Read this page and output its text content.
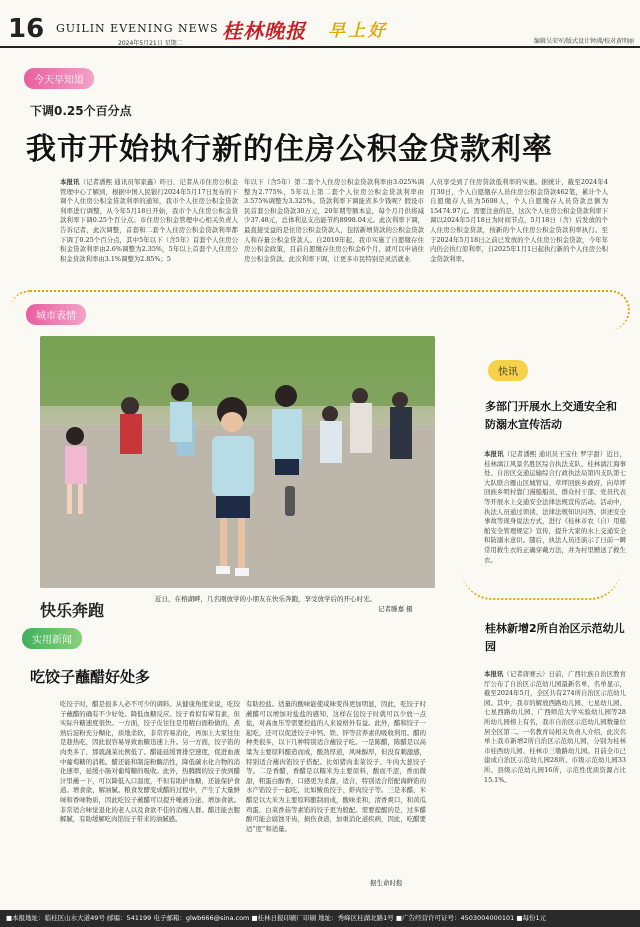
16 GUILIN EVENING NEWS
2024年5月21日 星期二
桂林晚报 早上好
编辑吴荣军/版式设计钟沸/校对黄明丽
今天早知道
下调0.25个百分点
我市开始执行新的住房公积金贷款利率
本报讯（记者潘熙 通讯员邹家鑫）昨日，记者从市住房公积金管理中心了解到，根据中国人民银行2024年5月17日发布的下调个人住房公积金贷款利率的通知，我市个人住房公积金贷款利率进行调整，从今年5月18日开始，我市个人住房公积金贷款利率下调0.25个百分点。市住房公积金管理中心相关负责人告诉记者，此次调整，首套和二套个人住房公积金贷款利率都下调了0.25个百分点，其中5年以下（含5年）首套个人住房公积金贷款利率由2.6%调整为2.35%，5年以上首套个人住房公积金贷款利率由3.1%调整为2.85%；5
年以下（含5年）第二套个人住房公积金贷款利率由3.025%调整为2.775%，5年以上第二套个人住房公积金贷款利率由3.575%调整为3.325%。贷款利率下调能省多少钱呢？假设市民首套公积金贷款30万元，20年期等额本息，每个月月供将减少37.48元，总体利息支出能节约8998.04元。此次利率下调，最直接受益的是住房公积金贷款人，包括新增贷款的公积金贷款人和存量公积金贷款人。自2019年起，我市实施了自愿缴存住房公积金政策，目前自愿缴存住房公积金6个月，就可以申请住房公积金贷款。此次利率下调，让更多市民特别是灵活就业
人员享受到了住房贷款低利率的实惠。据统计，截至2024年4月30日，个人自愿缴存人员住房公积金贷款462笔，累计个人自愿缴存人员为5698人，个人自愿缴存人员贷款总额为15474.97元。需要注意的是，这次个人住房公积金贷款利率下调以2024年5月18日为时间节点，5月18日（含）后发放的个人住房公积金贷款，按新的个人住房公积金贷款利率执行。至于2024年5月18日之前已发放的个人住房公积金贷款，今年年内仍会执行原利率，自2025年1月1日起执行新的个人住房公积金贷款利率。
城市表情
快乐奔跑
近日，在榕湖畔，几名刚放学的小朋友在快乐奔跑，享受放学后的开心时光。
记者滕嘉 摄
实用新闻
吃饺子蘸醋好处多
吃饺子时，醋是很多人必不可少的调料。从健康角度来说，吃饺子蘸醋的确有不少好处。降低血糖反应。饺子看似有荤有素，但实际升糖速度很快。一方面，饺子皮往往是用精白面粉做的，煮熟后淀粉充分糊化，质地柔软，非常容易消化，再加上大家往往是趁热吃，因此很容易导致血糖迅速上升。另一方面，饺子馅的肉类多了，那就蔬菜比例低了。醋能延缓胃排空速度，促进血液中葡萄糖的消耗。醋还能和制淀粉酶活性，降低碳水化合物的消化速率，延缓小肠对葡萄糖的吸收。此外，热腾腾的饺子放到醋汁里蘸一下，可以降低入口温度，不但有助护血糖，还能保护食道。增食欲、解油腻。粮食发酵变成醋的过程中，产生了大量鲜味和香味物质，因此吃饺子蘸醋可以提升唾液分泌、增加食欲。非常适合味觉退化的老人以及食欲不佳的消瘦人群。醋还能去腥解腻，有助缓解吃肉馅饺子带来的油腻感。
有助控盐。适量的酸味能使咸味变得更加明显，因此，吃饺子时蘸醋可以增加对盐盐的感知，这样在包饺子时就可以少放一点盐，对高血压等需要控盐的人来说格外有益。此外，醋和饺子一起吃，还可以促进饺子中钙、铁、锌等营养素的吸收利用。醋的种类很多，以下几种特别适合蘸饺子吃。一是陈醋，陈醋是以高粱为主要原料酿造而成，酸劲厚道，风味醇厚，但没有刺激感，特别适合蘸肉馅饺子搭配。比如猪肉韭菜饺子、牛肉大葱饺子等。二是香醋，香醋是以糯米为主要原料，酸而不涩，香而微甜，粗蛋白醇香，口感更为柔甜，适合，特别适合搭配海鲜馅的水产馅饺子一起吃，比如鲅鱼饺子、虾肉饺子等。三是米醋，米醋是以大米为主要原料酿制而成，酸味柔和，清香爽口，和黄瓜鸡蛋，白菜香菇等素馅的饺子更为般配。需要提醒的是，过多醋酸可能会腐蚀牙齿，损伤食道，加重消化道疾病，因此，吃醋要适“度”和适量。
据生命时报
快讯
多部门开展水上交通安全和防溺水宣传活动
本报讯（记者潘熙 通讯员王宝仕 罗宇甜）近日，桂林漓江风景名胜区综合执法支队、桂林漓江海事处、自治区交通运输综合行政执法局第四支队第七大队联合雁山区城管局、草坪回族乡政府，向草坪回族乡明村靠门漫船船员、群众村干部、党员代表等开展水上交通安全法律法规宣传活动。活动中，执法人员通过领读、法律法规知识问答、讲述安全事故等现身说法方式，进行《桂林市农（自）用船舶安全管理规定》宣传，提升大家的水上交通安全和防溺水意识。随后，执法人员还演示了日前一瞬常用救生衣的正确穿戴方法，并为村里赠送了救生衣。
桂林新增2所自治区示范幼儿园
本报讯（记者唐赛云）日前，广西壮族自治区教育厅公布了自治区示范幼儿园最新名单，名单显示，截至2024年5月，全区共有274所自治区示范幼儿园。其中，我市的解放西路幼儿园、七星幼儿园、七星西路幼儿园、广西师范大学实验幼儿园等28所幼儿园榜上有名，我市自治区示范幼儿园数量位居全区第二。一名教育局相关负责人介绍，此次名单上我市新增2所自治区示范幼儿园，分别为桂林市桂西幼儿园、桂林市三墩路幼儿园。目前全市已建成自治区示范幼儿园28所、市级示范幼儿园33所、县级示范幼儿园16所，示范性优质资源占比15.1%。
■本报地址：临桂区山水大道49号 邮编：541199 电子邮箱：glwb666@sina.com ■桂林日报印刷厂印刷 地址：秀峰区桂湖北路1号 ■广告经营许可证号：4503004000101 ■每份1元
